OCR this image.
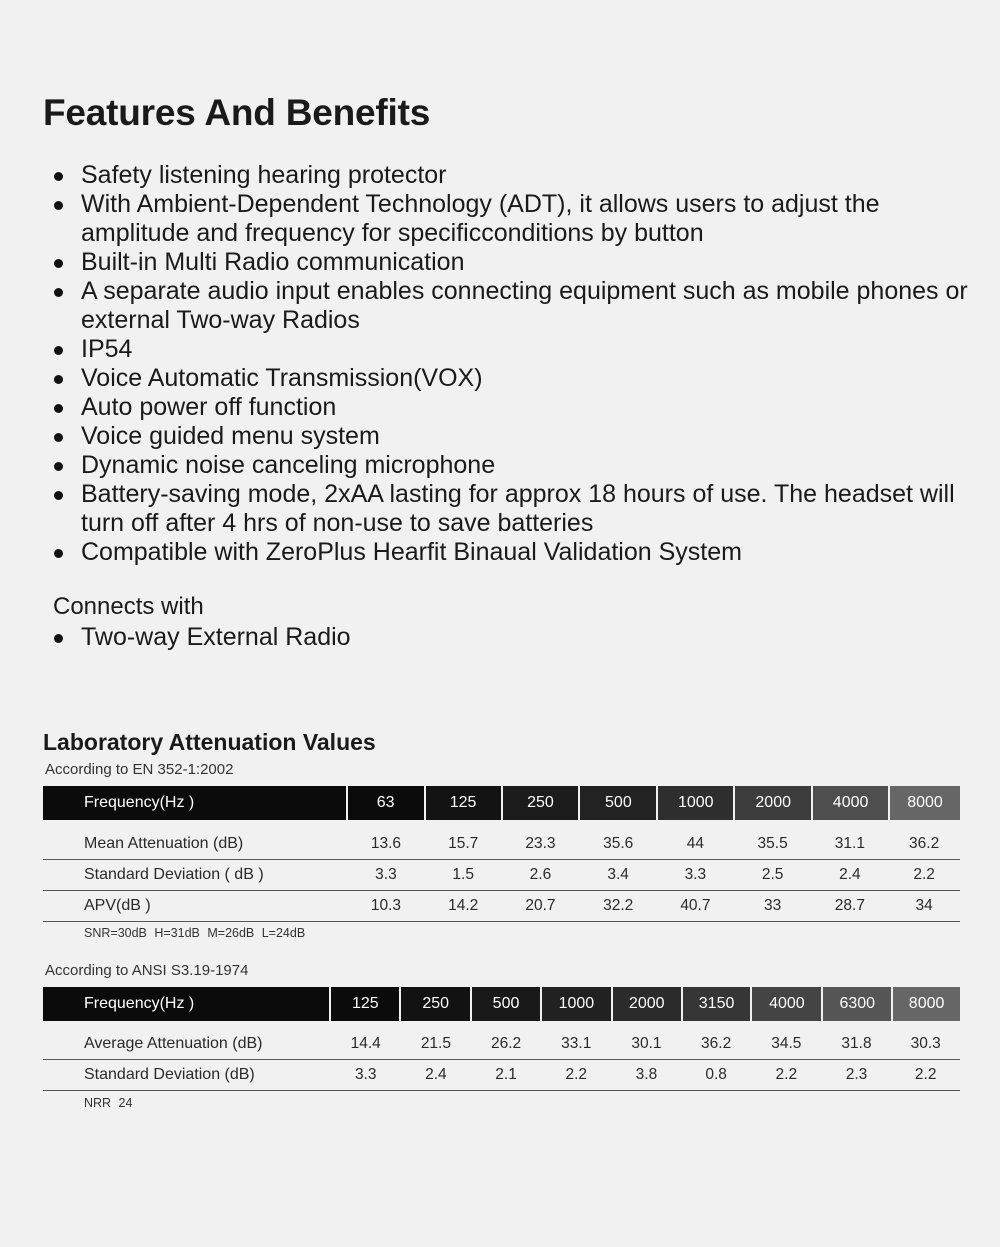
Features And Benefits
Safety listening hearing protector
With Ambient-Dependent Technology (ADT), it allows users to adjust the amplitude and frequency for specificconditions by button
Built-in Multi Radio communication
A separate audio input enables connecting equipment such as mobile phones or external Two-way Radios
IP54
Voice Automatic Transmission(VOX)
Auto power off function
Voice guided menu system
Dynamic noise canceling microphone
Battery-saving mode, 2xAA lasting for approx 18 hours of use. The headset will turn off after 4 hrs of non-use to save batteries
Compatible with ZeroPlus Hearfit Binaual Validation System
Connects with
Two-way External Radio
Laboratory Attenuation Values
According to EN 352-1:2002
Frequency(Hz )	63	125	250	500	1000	2000	4000	8000
Mean Attenuation (dB)	13.6	15.7	23.3	35.6	44	35.5	31.1	36.2
Standard Deviation ( dB )	3.3	1.5	2.6	3.4	3.3	2.5	2.4	2.2
APV(dB )	10.3	14.2	20.7	32.2	40.7	33	28.7	34
SNR=30dB H=31dB M=26dB L=24dB
According to ANSI S3.19-1974
Frequency(Hz )	125	250	500	1000	2000	3150	4000	6300	8000
Average Attenuation (dB)	14.4	21.5	26.2	33.1	30.1	36.2	34.5	31.8	30.3
Standard Deviation (dB)	3.3	2.4	2.1	2.2	3.8	0.8	2.2	2.3	2.2
NRR 24
